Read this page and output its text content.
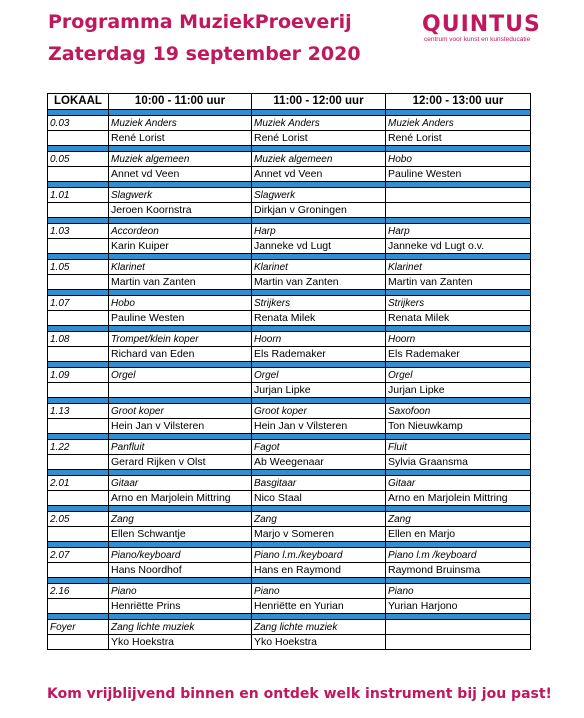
Programma MuziekProeverij
Zaterdag 19 september 2020
QUINTUS
centrum voor kunst en kunsteducatie
LOKAAL	10:00 - 11:00 uur	11:00 - 12:00 uur	12:00 - 13:00 uur

0.03	Muziek Anders	Muziek Anders	Muziek Anders
	René Lorist	René Lorist	René Lorist

0.05	Muziek algemeen	Muziek algemeen	Hobo
	Annet vd Veen	Annet vd Veen	Pauline Westen

1.01	Slagwerk	Slagwerk	
	Jeroen Koornstra	Dirkjan v Groningen	

1.03	Accordeon	Harp	Harp
	Karin Kuiper	Janneke vd Lugt	Janneke vd Lugt o.v.

1.05	Klarinet	Klarinet	Klarinet
	Martin van Zanten	Martin van Zanten	Martin van Zanten

1.07	Hobo	Strijkers	Strijkers
	Pauline Westen	Renata Milek	Renata Milek

1.08	Trompet/klein koper	Hoorn	Hoorn
	Richard van Eden	Els Rademaker	Els Rademaker

1.09	Orgel	Orgel	Orgel
		Jurjan Lipke	Jurjan Lipke

1.13	Groot koper	Groot koper	Saxofoon
	Hein Jan v Vilsteren	Hein Jan v Vilsteren	Ton Nieuwkamp

1.22	Panfluit	Fagot	Fluit
	Gerard Rijken v Olst	Ab Weegenaar	Sylvia Graansma

2.01	Gitaar	Basgitaar	Gitaar
	Arno en Marjolein Mittring	Nico Staal	Arno en Marjolein Mittring

2.05	Zang	Zang	Zang
	Ellen Schwantje	Marjo v Someren	Ellen en Marjo

2.07	Piano/keyboard	Piano l.m./keyboard	Piano l.m /keyboard
	Hans Noordhof	Hans en Raymond	Raymond Bruinsma

2.16	Piano	Piano	Piano
	Henriëtte Prins	Henriëtte en Yurian	Yurian Harjono

Foyer	Zang lichte muziek	Zang lichte muziek	
	Yko Hoekstra	Yko Hoekstra	
Kom vrijblijvend binnen en ontdek welk instrument bij jou past!
